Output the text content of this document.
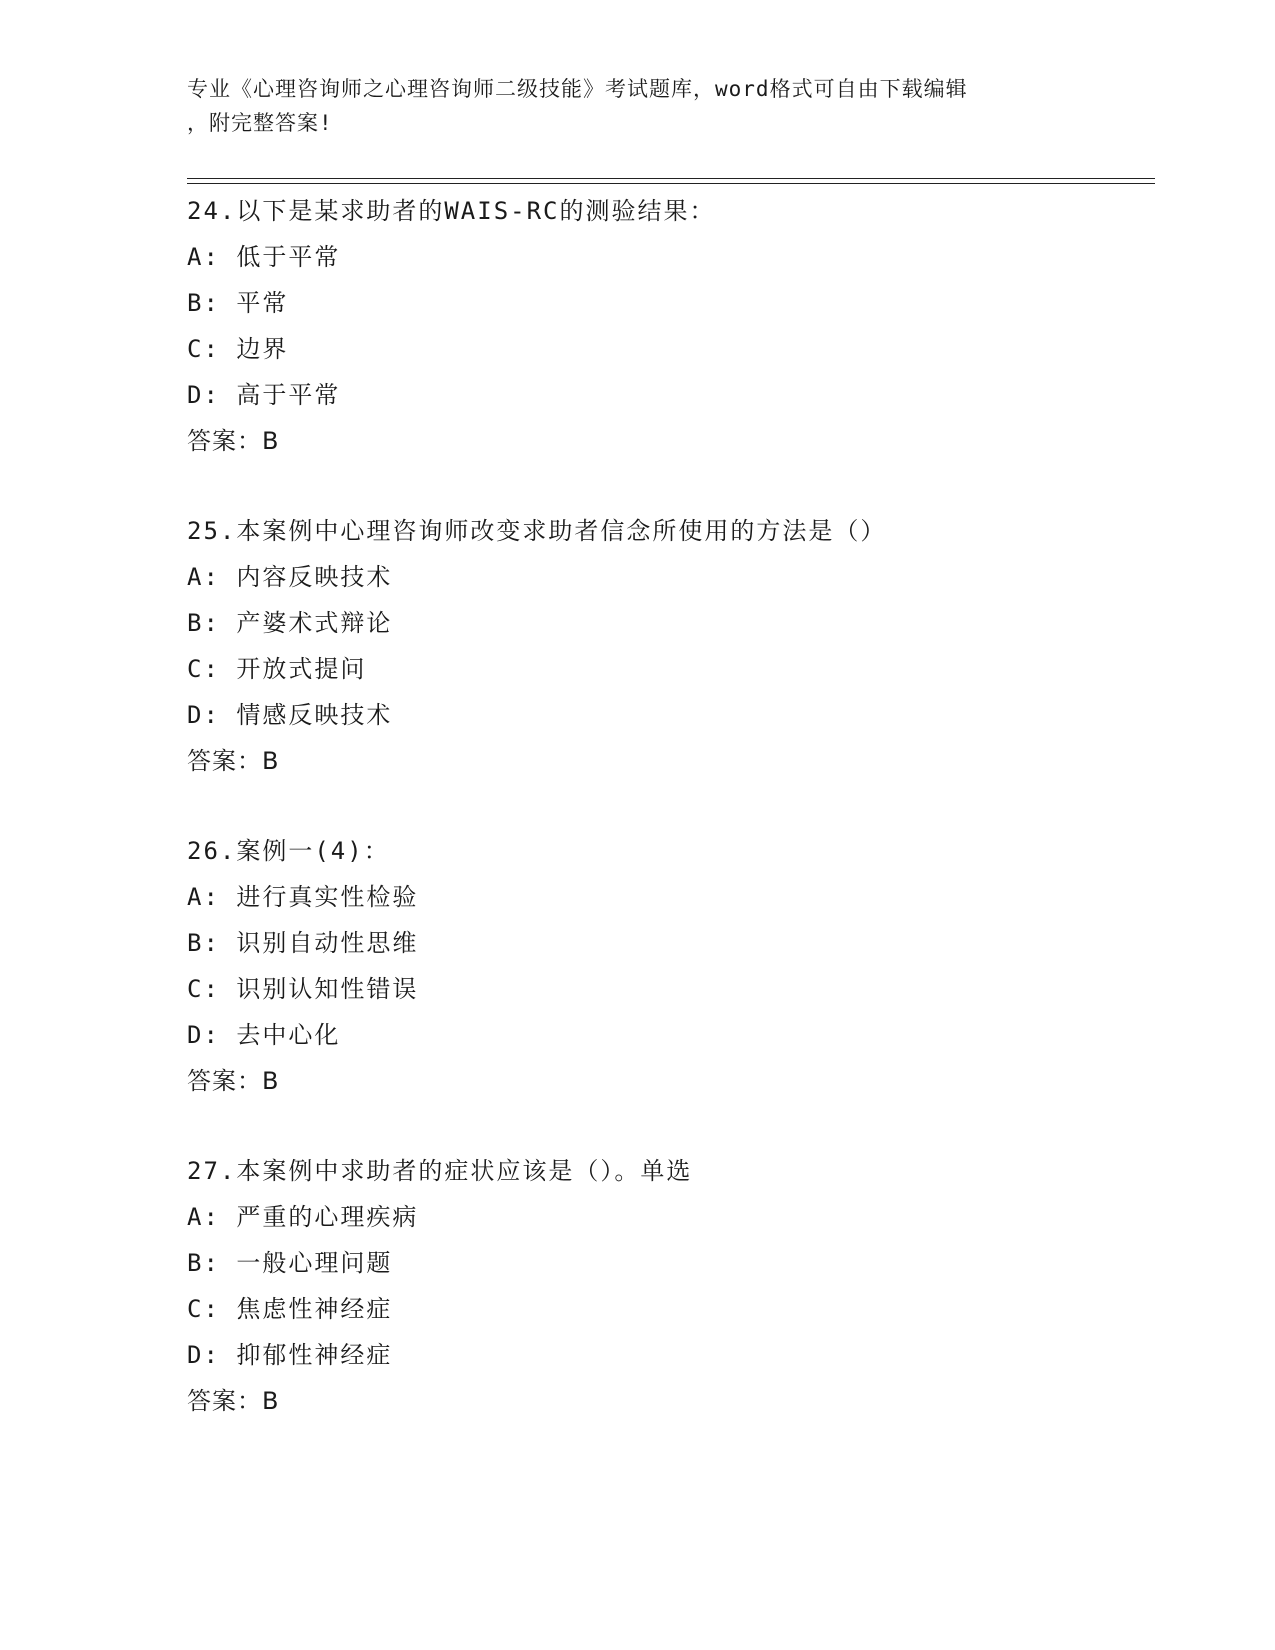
专业《心理咨询师之心理咨询师二级技能》考试题库，word格式可自由下载编辑
，附完整答案!
24.以下是某求助者的WAIS-RC的测验结果：
A: 低于平常
B: 平常
C: 边界
D: 高于平常
答案：B
25.本案例中心理咨询师改变求助者信念所使用的方法是（）
A: 内容反映技术
B: 产婆术式辩论
C: 开放式提问
D: 情感反映技术
答案：B
26.案例一(4)：
A: 进行真实性检验
B: 识别自动性思维
C: 识别认知性错误
D: 去中心化
答案：B
27.本案例中求助者的症状应该是（）。单选
A: 严重的心理疾病
B: 一般心理问题
C: 焦虑性神经症
D: 抑郁性神经症
答案：B
